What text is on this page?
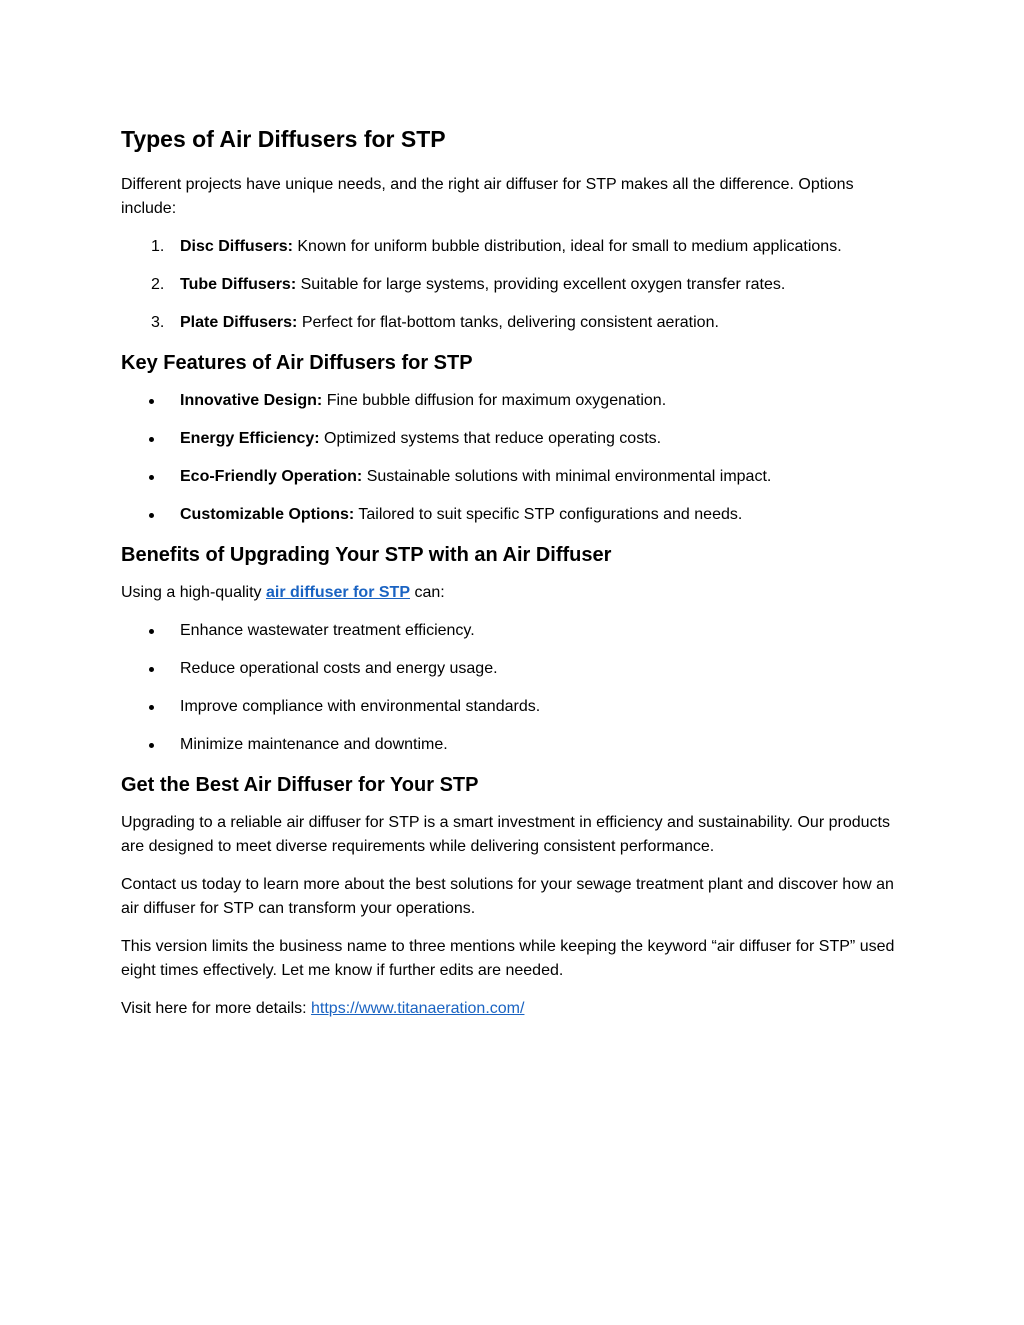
Types of Air Diffusers for STP

Different projects have unique needs, and the right air diffuser for STP makes all the difference. Options include:

1. Disc Diffusers: Known for uniform bubble distribution, ideal for small to medium applications.
2. Tube Diffusers: Suitable for large systems, providing excellent oxygen transfer rates.
3. Plate Diffusers: Perfect for flat-bottom tanks, delivering consistent aeration.
Key Features of Air Diffusers for STP
Innovative Design: Fine bubble diffusion for maximum oxygenation.
Energy Efficiency: Optimized systems that reduce operating costs.
Eco-Friendly Operation: Sustainable solutions with minimal environmental impact.
Customizable Options: Tailored to suit specific STP configurations and needs.
Benefits of Upgrading Your STP with an Air Diffuser

Using a high-quality air diffuser for STP can:

Enhance wastewater treatment efficiency.
Reduce operational costs and energy usage.
Improve compliance with environmental standards.
Minimize maintenance and downtime.
Get the Best Air Diffuser for Your STP

Upgrading to a reliable air diffuser for STP is a smart investment in efficiency and sustainability. Our products are designed to meet diverse requirements while delivering consistent performance.

Contact us today to learn more about the best solutions for your sewage treatment plant and discover how an air diffuser for STP can transform your operations.

This version limits the business name to three mentions while keeping the keyword “air diffuser for STP” used eight times effectively. Let me know if further edits are needed.

Visit here for more details: https://www.titanaeration.com/
